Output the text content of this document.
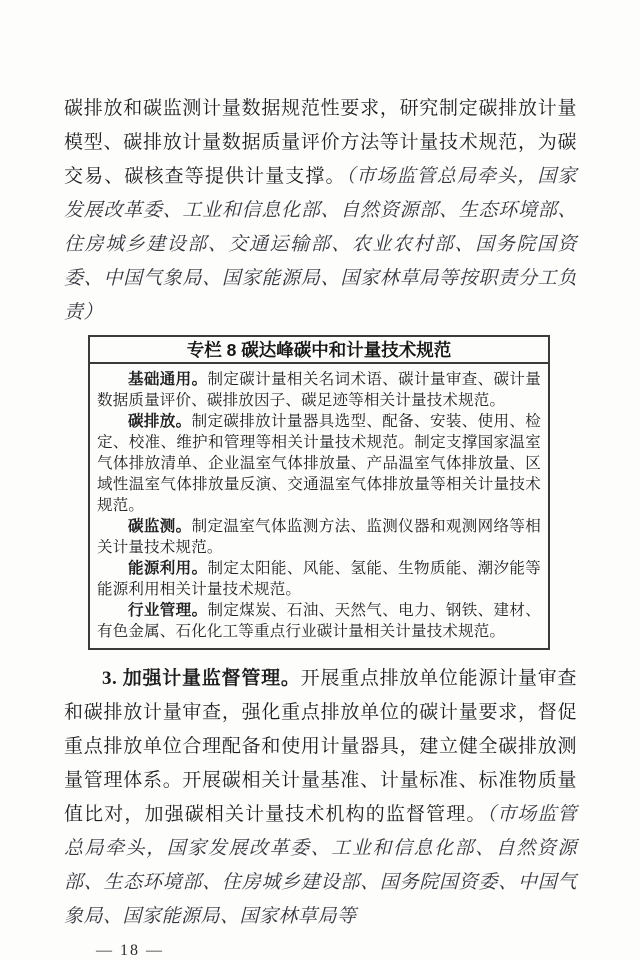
碳排放和碳监测计量数据规范性要求，研究制定碳排放计量模型、碳排放计量数据质量评价方法等计量技术规范，为碳交易、碳核查等提供计量支撑。（市场监管总局牵头，国家发展改革委、工业和信息化部、自然资源部、生态环境部、住房城乡建设部、交通运输部、农业农村部、国务院国资委、中国气象局、国家能源局、国家林草局等按职责分工负责）

专栏 8 碳达峰碳中和计量技术规范

基础通用。制定碳计量相关名词术语、碳计量审查、碳计量数据质量评价、碳排放因子、碳足迹等相关计量技术规范。

碳排放。制定碳排放计量器具选型、配备、安装、使用、检定、校准、维护和管理等相关计量技术规范。制定支撑国家温室气体排放清单、企业温室气体排放量、产品温室气体排放量、区域性温室气体排放量反演、交通温室气体排放量等相关计量技术规范。

碳监测。制定温室气体监测方法、监测仪器和观测网络等相关计量技术规范。

能源利用。制定太阳能、风能、氢能、生物质能、潮汐能等能源利用相关计量技术规范。

行业管理。制定煤炭、石油、天然气、电力、钢铁、建材、有色金属、石化化工等重点行业碳计量相关计量技术规范。

3. 加强计量监督管理。开展重点排放单位能源计量审查和碳排放计量审查，强化重点排放单位的碳计量要求，督促重点排放单位合理配备和使用计量器具，建立健全碳排放测量管理体系。开展碳相关计量基准、计量标准、标准物质量值比对，加强碳相关计量技术机构的监督管理。（市场监管总局牵头，国家发展改革委、工业和信息化部、自然资源部、生态环境部、住房城乡建设部、国务院国资委、中国气象局、国家能源局、国家林草局等

— 18 —
